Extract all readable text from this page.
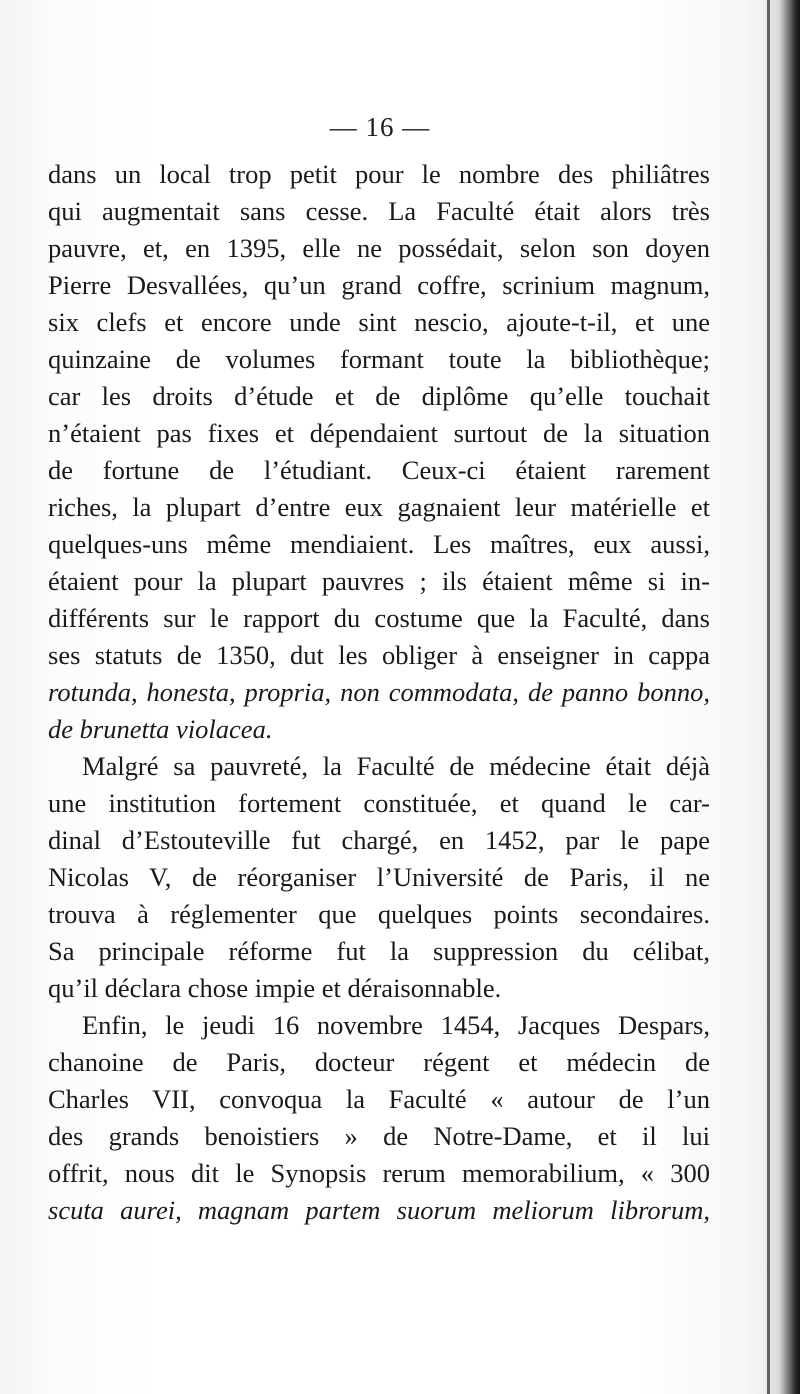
— 16 —
dans un local trop petit pour le nombre des philiâtres
qui augmentait sans cesse. La Faculté était alors très
pauvre, et, en 1395, elle ne possédait, selon son doyen
Pierre Desvallées, qu’un grand coffre, scrinium magnum,
six clefs et encore unde sint nescio, ajoute-t-il, et une
quinzaine de volumes formant toute la bibliothèque;
car les droits d’étude et de diplôme qu’elle touchait
n’étaient pas fixes et dépendaient surtout de la situation
de fortune de l’étudiant. Ceux-ci étaient rarement
riches, la plupart d’entre eux gagnaient leur matérielle et
quelques-uns même mendiaient. Les maîtres, eux aussi,
étaient pour la plupart pauvres ; ils étaient même si in-
différents sur le rapport du costume que la Faculté, dans
ses statuts de 1350, dut les obliger à enseigner in cappa
rotunda, honesta, propria, non commodata, de panno bonno,
de brunetta violacea.
Malgré sa pauvreté, la Faculté de médecine était déjà
une institution fortement constituée, et quand le car-
dinal d’Estouteville fut chargé, en 1452, par le pape
Nicolas V, de réorganiser l’Université de Paris, il ne
trouva à réglementer que quelques points secondaires.
Sa principale réforme fut la suppression du célibat,
qu’il déclara chose impie et déraisonnable.
Enfin, le jeudi 16 novembre 1454, Jacques Despars,
chanoine de Paris, docteur régent et médecin de
Charles VII, convoqua la Faculté « autour de l’un
des grands benoistiers » de Notre-Dame, et il lui
offrit, nous dit le Synopsis rerum memorabilium, « 300
scuta aurei, magnam partem suorum meliorum librorum,
